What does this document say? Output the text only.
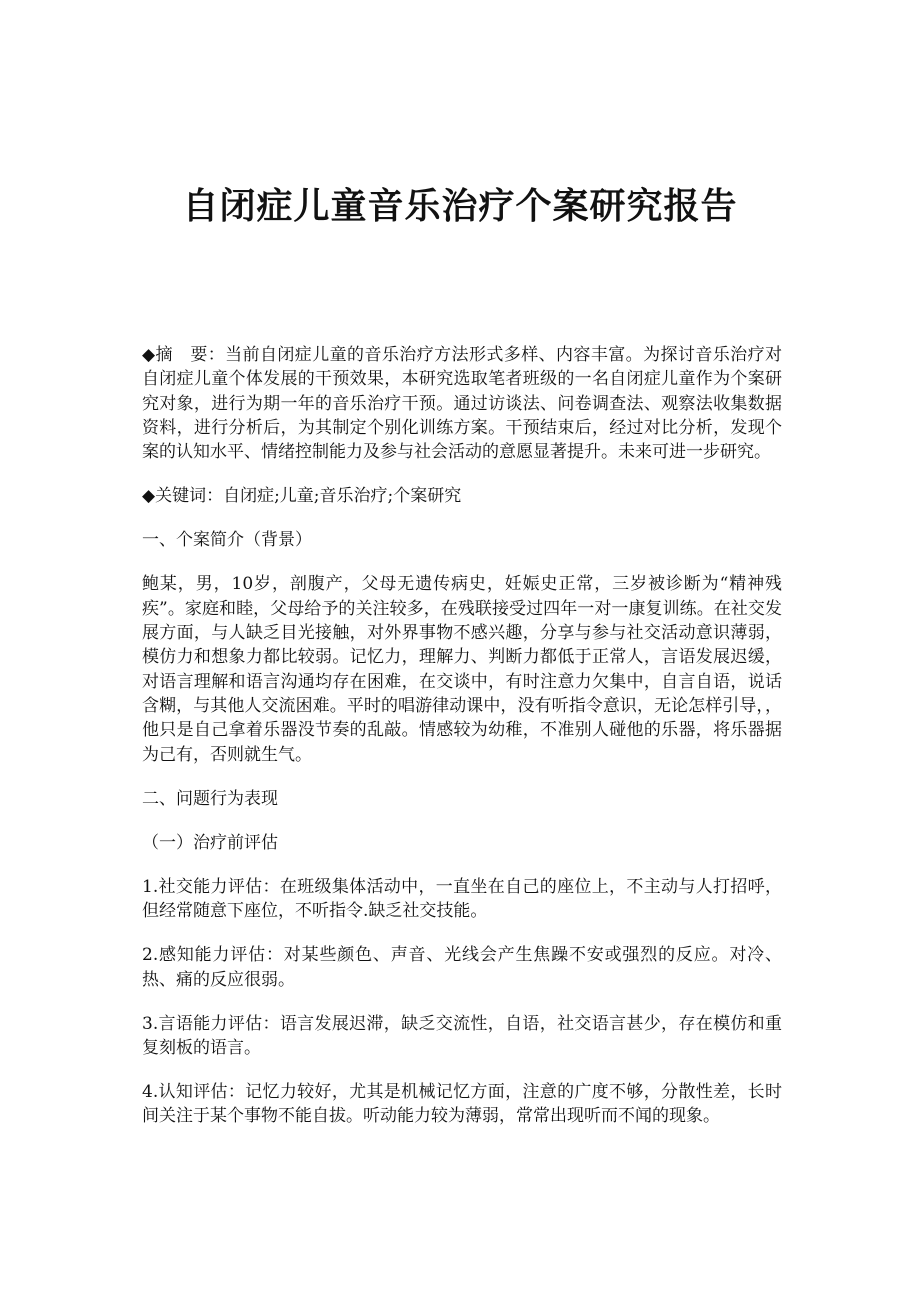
自闭症儿童音乐治疗个案研究报告

◆摘　要：当前自闭症儿童的音乐治疗方法形式多样、内容丰富。为探讨音乐治疗对自闭症儿童个体发展的干预效果，本研究选取笔者班级的一名自闭症儿童作为个案研究对象，进行为期一年的音乐治疗干预。通过访谈法、问卷调查法、观察法收集数据资料，进行分析后，为其制定个别化训练方案。干预结束后，经过对比分析，发现个案的认知水平、情绪控制能力及参与社会活动的意愿显著提升。未来可进一步研究。

◆关键词：自闭症;儿童;音乐治疗;个案研究

一、个案简介（背景）

鲍某，男，10岁，剖腹产，父母无遗传病史，妊娠史正常，三岁被诊断为“精神残疾”。家庭和睦，父母给予的关注较多，在残联接受过四年一对一康复训练。在社交发展方面，与人缺乏目光接触，对外界事物不感兴趣，分享与参与社交活动意识薄弱，模仿力和想象力都比较弱。记忆力，理解力、判断力都低于正常人，言语发展迟缓，对语言理解和语言沟通均存在困难，在交谈中，有时注意力欠集中，自言自语，说话含糊，与其他人交流困难。平时的唱游律动课中，没有听指令意识，无论怎样引导，，他只是自己拿着乐器没节奏的乱敲。情感较为幼稚，不准别人碰他的乐器，将乐器据为己有，否则就生气。

二、问题行为表现

（一）治疗前评估

1.社交能力评估：在班级集体活动中，一直坐在自己的座位上，不主动与人打招呼，但经常随意下座位，不听指令.缺乏社交技能。

2.感知能力评估：对某些颜色、声音、光线会产生焦躁不安或强烈的反应。对冷、热、痛的反应很弱。

3.言语能力评估：语言发展迟滞，缺乏交流性，自语，社交语言甚少，存在模仿和重复刻板的语言。

4.认知评估：记忆力较好，尤其是机械记忆方面，注意的广度不够，分散性差，长时间关注于某个事物不能自拔。听动能力较为薄弱，常常出现听而不闻的现象。
